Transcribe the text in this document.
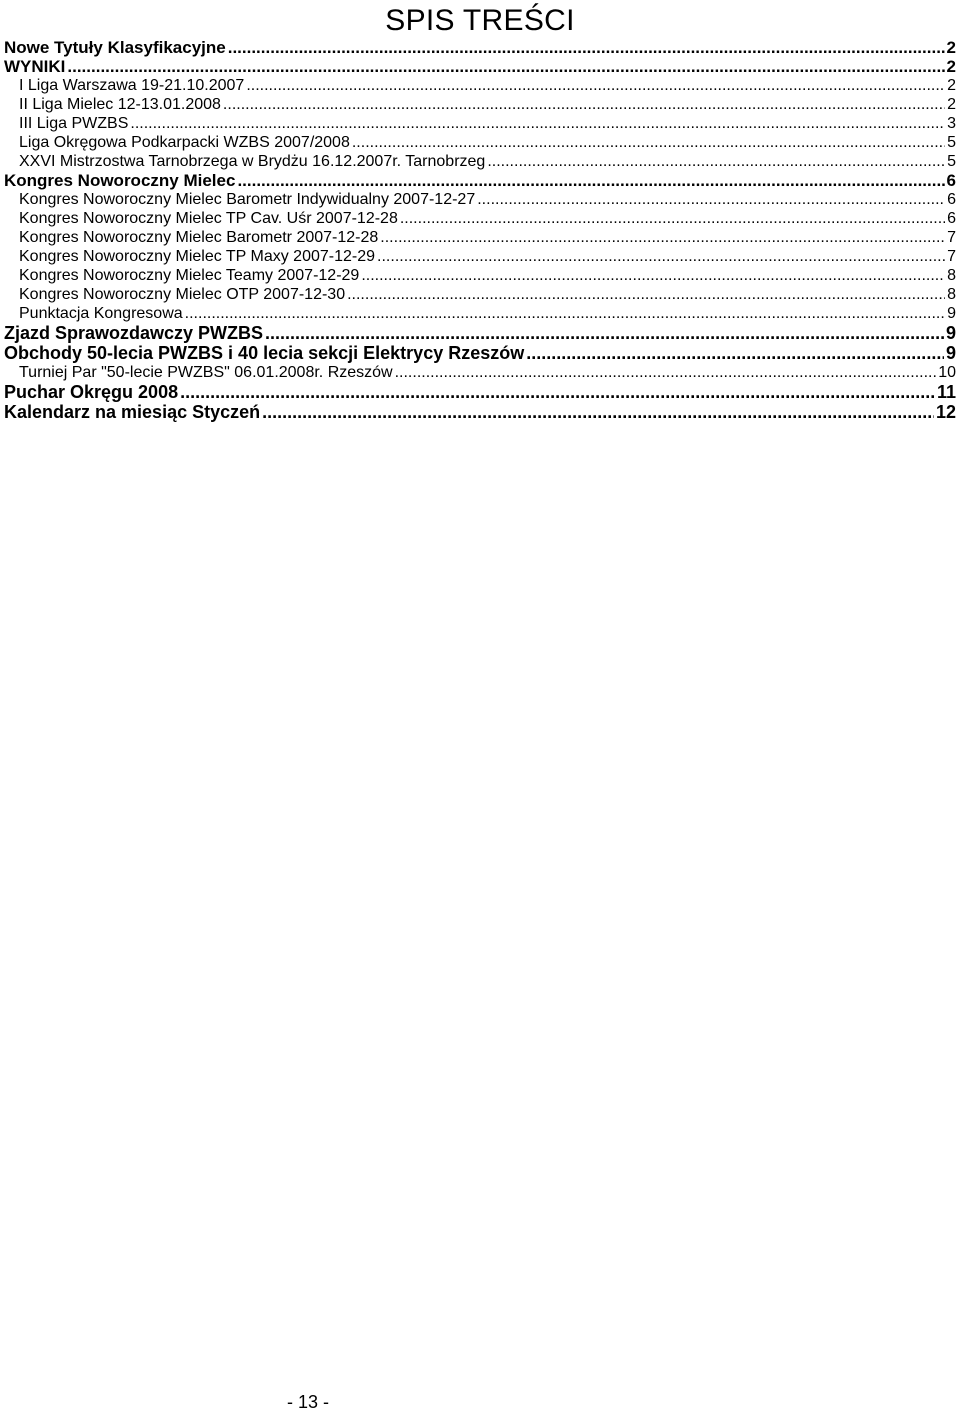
SPIS TREŚCI
Nowe Tytuły Klasyfikacyjne .....	2
WYNIKI .....	2
I Liga Warszawa 19-21.10.2007 .....	2
II Liga Mielec 12-13.01.2008 .....	2
III Liga PWZBS .....	3
Liga Okręgowa Podkarpacki WZBS 2007/2008 .....	5
XXVI Mistrzostwa Tarnobrzega w Brydżu 16.12.2007r. Tarnobrzeg .....	5
Kongres Noworoczny Mielec .....	6
Kongres Noworoczny Mielec Barometr Indywidualny 2007-12-27 .....	6
Kongres Noworoczny Mielec TP Cav. Uśr 2007-12-28 .....	6
Kongres Noworoczny Mielec Barometr 2007-12-28 .....	7
Kongres Noworoczny Mielec TP Maxy 2007-12-29 .....	7
Kongres Noworoczny Mielec Teamy 2007-12-29 .....	8
Kongres Noworoczny Mielec OTP 2007-12-30 .....	8
Punktacja Kongresowa .....	9
Zjazd Sprawozdawczy PWZBS .....	9
Obchody 50-lecia PWZBS i 40 lecia sekcji Elektrycy Rzeszów .....	9
Turniej Par "50-lecie PWZBS" 06.01.2008r. Rzeszów .....	10
Puchar Okręgu 2008 .....	11
Kalendarz na miesiąc Styczeń .....	12
- 13 -
